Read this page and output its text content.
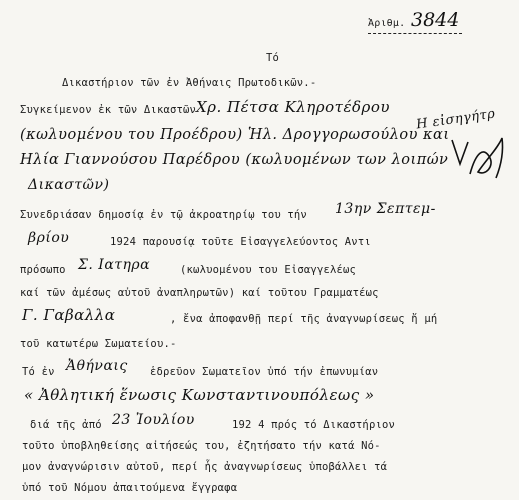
Ἀριθμ. 3844
Τό
Δικαστήριον τῶν ἐν Ἀθήναις Πρωτοδικῶν.-
Συγκείμενον ἐκ τῶν Δικαστῶν Χρ. Πέτσα Κληροτέδρου Η εἰσηγήτρ
(κωλυομένου του Προέδρου) Ἡλ. Δρογγορωσούλου και
Ηλία Γιαννούσου Παρέδρου (κωλυομένων των λοιπών
Δικαστῶν)
Συνεδριάσαν δημοσίᾳ ἐν τῷ ἀκροατηρίῳ του τήν 13ην Σεπτεμ-
βρίου	1924 παρουσίᾳ τοῦτε Εἰσαγγελεύοντος Αντι
πρόσωπο Σ. Ιατηρα	(κωλυομένου του Εἰσαγγελέως
καί τῶν ἀμέσως αὐτοῦ ἀναπληρωτῶν) καί τοῦτου Γραμματέως
Γ. Γαβαλλα	, ἔνα ἀποφανθῇ περί τῆς ἀναγνωρίσεως ἤ μή
τοῦ κατωτέρω Σωματείου.-
Τό ἐν Ἀθήναις ἑδρεῦον Σωματεῖον ὑπό τήν ἐπωνυμίαν
« Ἀθλητική ἕνωσις Κωνσταντινουπόλεως »
διά τῆς ἀπό 23 Ἰουλίου	192 4 πρός τό Δικαστήριον
τοῦτο ὑποβληθείσης αἰτήσεώς του, ἐζητήσατο τήν κατά Νό-
μον ἀναγνώρισιν αὐτοῦ, περί ἧς ἀναγνωρίσεως ὑποβάλλει τά
ὑπό τοῦ Νόμου ἀπαιτούμενα ἔγγραφα
